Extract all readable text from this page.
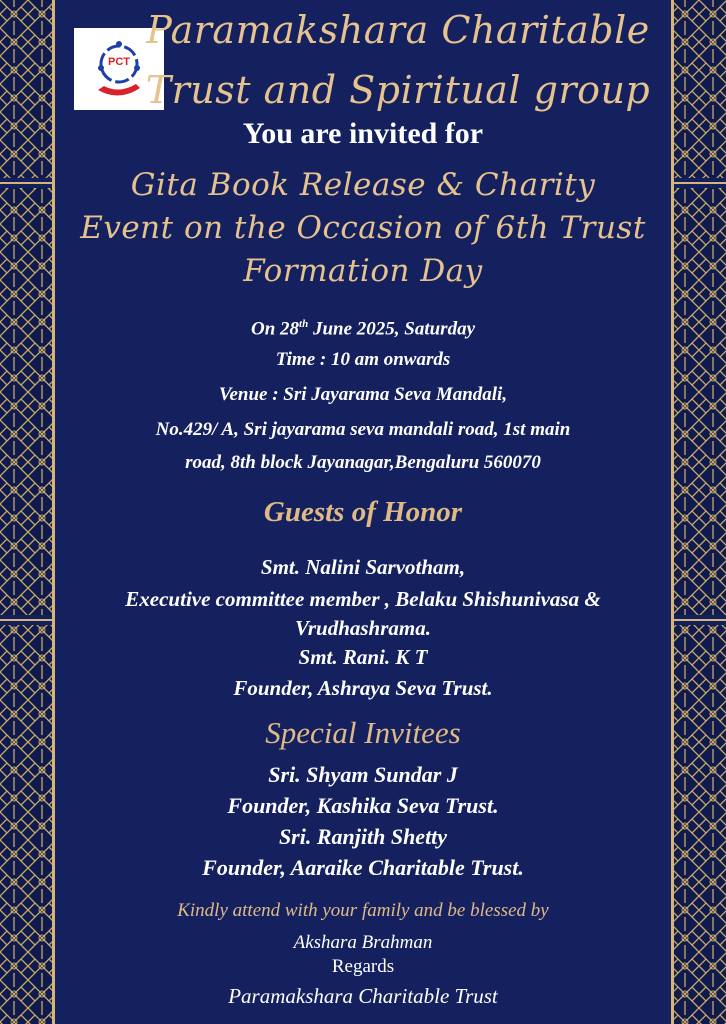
PCT
Paramakshara Charitable
Trust and Spiritual group
You are invited for
Gita Book Release & Charity
Event on the Occasion of 6th Trust
Formation Day
On 28th June 2025, Saturday
Time : 10 am onwards
Venue : Sri Jayarama Seva Mandali,
No.429/ A, Sri jayarama seva mandali road, 1st main
road, 8th block Jayanagar,Bengaluru 560070
Guests of Honor
Smt. Nalini Sarvotham,
Executive committee member , Belaku Shishunivasa &
Vrudhashrama.
Smt. Rani. K T
Founder, Ashraya Seva Trust.
Special Invitees
Sri. Shyam Sundar J
Founder, Kashika Seva Trust.
Sri. Ranjith Shetty
Founder, Aaraike Charitable Trust.
Kindly attend with your family and be blessed by
Akshara Brahman
Regards
Paramakshara Charitable Trust
